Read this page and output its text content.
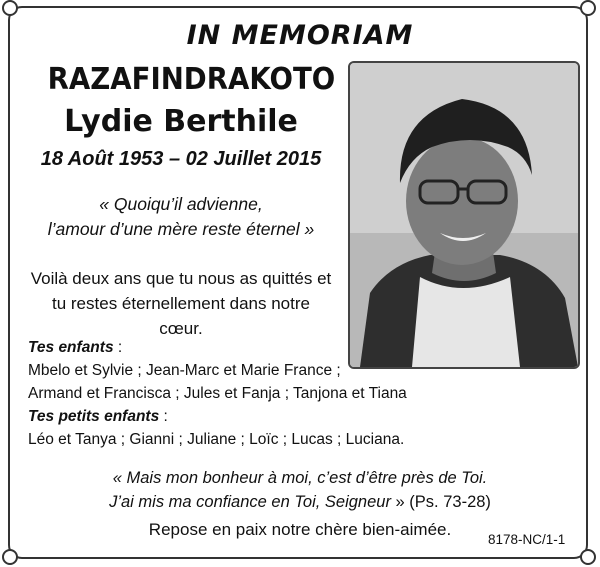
IN MEMORIAM
RAZAFINDRAKOTO
Lydie Berthile
18 Août 1953 – 02 Juillet 2015
« Quoiqu’il advienne,
l’amour d’une mère reste éternel »
Voilà deux ans que tu nous as quittés et
tu restes éternellement dans notre cœur.
Tes enfants :
Mbelo et Sylvie ; Jean-Marc et Marie France ;
Armand et Francisca ; Jules et Fanja ; Tanjona et Tiana
Tes petits enfants :
Léo et Tanya ; Gianni ; Juliane ; Loïc ; Lucas ; Luciana.
« Mais mon bonheur à moi, c’est d’être près de Toi.
J’ai mis ma confiance en Toi, Seigneur » (Ps. 73-28)
Repose en paix notre chère bien-aimée.
8178-NC/1-1
